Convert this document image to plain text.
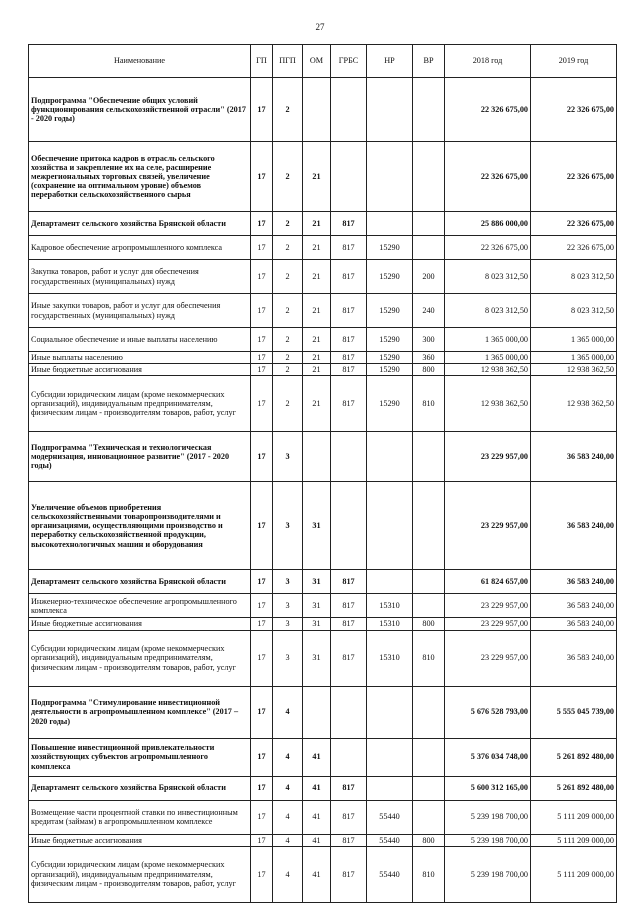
27
Наименование	ГП	ПГП	ОМ	ГРБС	НР	ВР	2018 год	2019 год
Подпрограмма "Обеспечение общих условий функционирования сельскохозяйственной отрасли" (2017 - 2020 годы)	17	2					22 326 675,00	22 326 675,00
Обеспечение притока кадров в отрасль сельского хозяйства и закрепление их на селе, расширение межрегиональных торговых связей, увеличение (сохранение на оптимальном уровне) объемов переработки сельскохозяйственного сырья	17	2	21				22 326 675,00	22 326 675,00
Департамент сельского хозяйства Брянской области	17	2	21	817			25 886 000,00	22 326 675,00
Кадровое обеспечение агропромышленного комплекса	17	2	21	817	15290		22 326 675,00	22 326 675,00
Закупка товаров, работ и услуг для обеспечения государственных (муниципальных) нужд	17	2	21	817	15290	200	8 023 312,50	8 023 312,50
Иные закупки товаров, работ и услуг для обеспечения государственных (муниципальных) нужд	17	2	21	817	15290	240	8 023 312,50	8 023 312,50
Социальное обеспечение и иные выплаты населению	17	2	21	817	15290	300	1 365 000,00	1 365 000,00
Иные выплаты населению	17	2	21	817	15290	360	1 365 000,00	1 365 000,00
Иные бюджетные ассигнования	17	2	21	817	15290	800	12 938 362,50	12 938 362,50
Субсидии юридическим лицам (кроме некоммерческих организаций), индивидуальным предпринимателям, физическим лицам - производителям товаров, работ, услуг	17	2	21	817	15290	810	12 938 362,50	12 938 362,50
Подпрограмма "Техническая и технологическая модернизация, инновационное развитие" (2017 - 2020 годы)	17	3					23 229 957,00	36 583 240,00
Увеличение объемов приобретения сельскохозяйственными товаропроизводителями и организациями, осуществляющими производство и переработку сельскохозяйственной продукции, высокотехнологичных машин и оборудования	17	3	31				23 229 957,00	36 583 240,00
Департамент сельского хозяйства Брянской области	17	3	31	817			61 824 657,00	36 583 240,00
Инженерно-техническое обеспечение агропромышленного комплекса	17	3	31	817	15310		23 229 957,00	36 583 240,00
Иные бюджетные ассигнования	17	3	31	817	15310	800	23 229 957,00	36 583 240,00
Субсидии юридическим лицам (кроме некоммерческих организаций), индивидуальным предпринимателям, физическим лицам - производителям товаров, работ, услуг	17	3	31	817	15310	810	23 229 957,00	36 583 240,00
Подпрограмма "Стимулирование инвестиционной деятельности в агропромышленном комплексе" (2017 – 2020 годы)	17	4					5 676 528 793,00	5 555 045 739,00
Повышение инвестиционной привлекательности хозяйствующих субъектов агропромышленного комплекса	17	4	41				5 376 034 748,00	5 261 892 480,00
Департамент сельского хозяйства Брянской области	17	4	41	817			5 600 312 165,00	5 261 892 480,00
Возмещение части процентной ставки по инвестиционным кредитам (займам) в агропромышленном комплексе	17	4	41	817	55440		5 239 198 700,00	5 111 209 000,00
Иные бюджетные ассигнования	17	4	41	817	55440	800	5 239 198 700,00	5 111 209 000,00
Субсидии юридическим лицам (кроме некоммерческих организаций), индивидуальным предпринимателям, физическим лицам - производителям товаров, работ, услуг	17	4	41	817	55440	810	5 239 198 700,00	5 111 209 000,00
